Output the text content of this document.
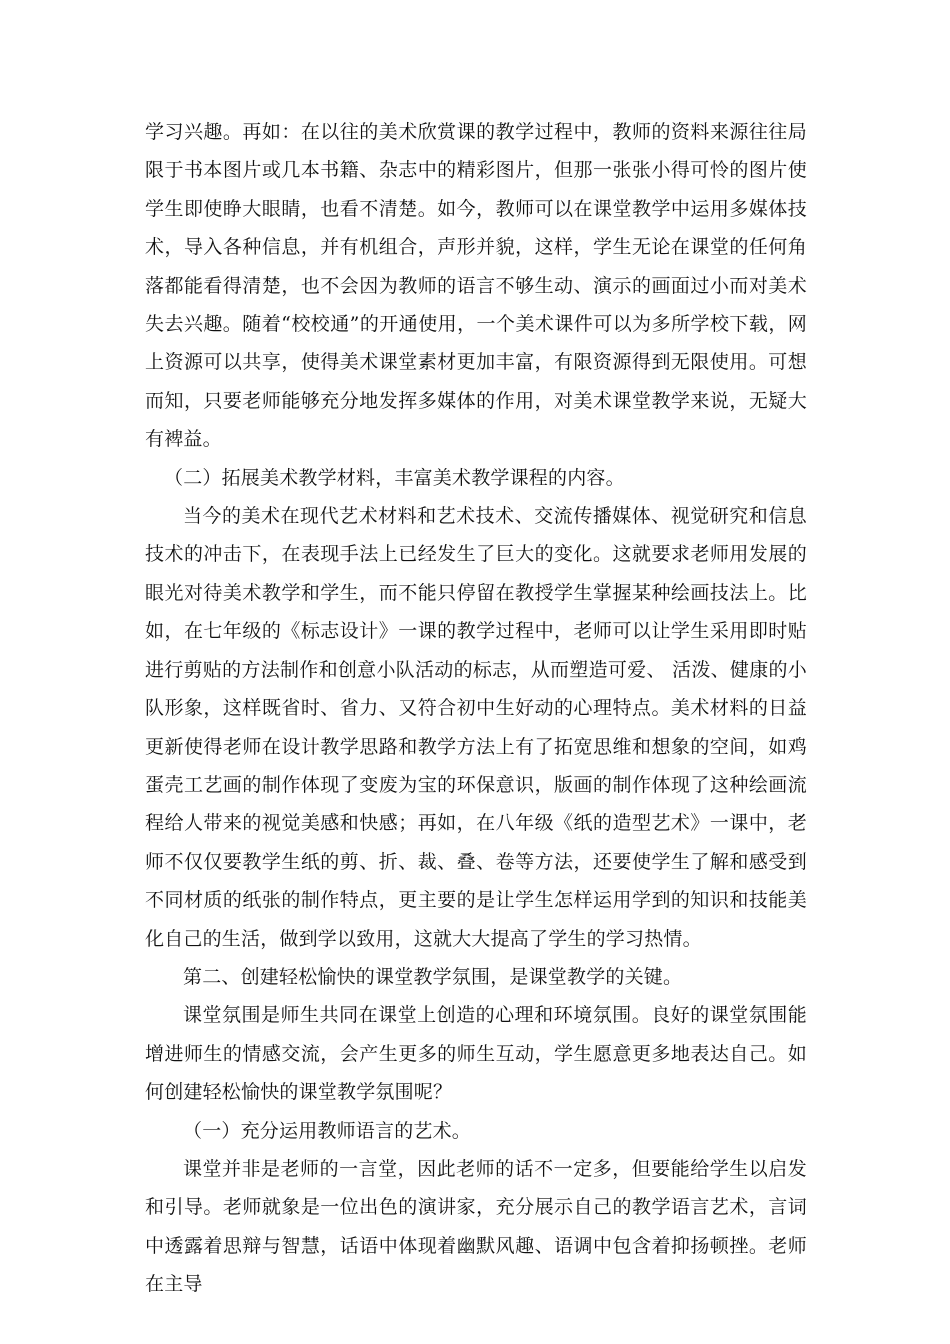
学习兴趣。再如：在以往的美术欣赏课的教学过程中，教师的资料来源往往局限于书本图片或几本书籍、杂志中的精彩图片，但那一张张小得可怜的图片使学生即使睁大眼睛，也看不清楚。如今，教师可以在课堂教学中运用多媒体技术，导入各种信息，并有机组合，声形并貌，这样，学生无论在课堂的任何角落都能看得清楚，也不会因为教师的语言不够生动、演示的画面过小而对美术失去兴趣。随着“校校通”的开通使用，一个美术课件可以为多所学校下载，网上资源可以共享，使得美术课堂素材更加丰富，有限资源得到无限使用。可想而知，只要老师能够充分地发挥多媒体的作用，对美术课堂教学来说，无疑大有裨益。

（二）拓展美术教学材料，丰富美术教学课程的内容。

当今的美术在现代艺术材料和艺术技术、交流传播媒体、视觉研究和信息技术的冲击下，在表现手法上已经发生了巨大的变化。这就要求老师用发展的眼光对待美术教学和学生，而不能只停留在教授学生掌握某种绘画技法上。比如，在七年级的《标志设计》一课的教学过程中，老师可以让学生采用即时贴进行剪贴的方法制作和创意小队活动的标志，从而塑造可爱、 活泼、健康的小队形象，这样既省时、省力、又符合初中生好动的心理特点。美术材料的日益更新使得老师在设计教学思路和教学方法上有了拓宽思维和想象的空间，如鸡蛋壳工艺画的制作体现了变废为宝的环保意识，版画的制作体现了这种绘画流程给人带来的视觉美感和快感；再如，在八年级《纸的造型艺术》一课中，老师不仅仅要教学生纸的剪、折、裁、叠、卷等方法，还要使学生了解和感受到不同材质的纸张的制作特点，更主要的是让学生怎样运用学到的知识和技能美化自己的生活，做到学以致用，这就大大提高了学生的学习热情。

第二、创建轻松愉快的课堂教学氛围，是课堂教学的关键。

课堂氛围是师生共同在课堂上创造的心理和环境氛围。良好的课堂氛围能增进师生的情感交流，会产生更多的师生互动，学生愿意更多地表达自己。如何创建轻松愉快的课堂教学氛围呢？

（一）充分运用教师语言的艺术。

课堂并非是老师的一言堂，因此老师的话不一定多，但要能给学生以启发和引导。老师就象是一位出色的演讲家，充分展示自己的教学语言艺术，言词中透露着思辩与智慧，话语中体现着幽默风趣、语调中包含着抑扬顿挫。老师在主导
